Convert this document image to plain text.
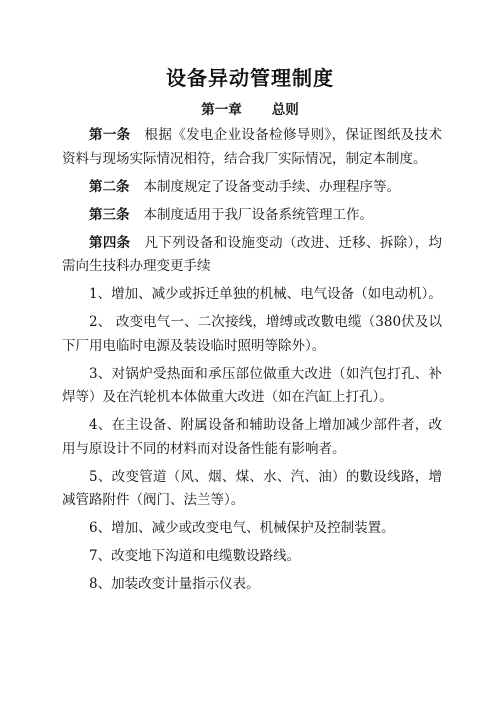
设备异动管理制度
第一章 总则

第一条 根据《发电企业设备检修导则》，保证图纸及技术资料与现场实际情况相符，结合我厂实际情况，制定本制度。

第二条 本制度规定了设备变动手续、办理程序等。

第三条 本制度适用于我厂设备系统管理工作。

第四条 凡下列设备和设施变动（改进、迁移、拆除），均需向生技科办理变更手续

1、增加、减少或拆迁单独的机械、电气设备（如电动机）。

2、 改变电气一、二次接线，增缚或改數电缆（380伏及以下厂用电临时电源及装设临时照明等除外）。

3、对锅炉受热面和承压部位做重大改进（如汽包打孔、补焊等）及在汽轮机本体做重大改进（如在汽缸上打孔）。

4、在主设备、附属设备和辅助设备上增加减少部件者，改用与原设计不同的材料而对设备性能有影响者。

5、改变管道（风、烟、煤、水、汽、油）的數设线路，增减管路附件（阀门、法兰等）。

6、增加、减少或改变电气、机械保护及控制装置。

7、改变地下沟道和电缆數设路线。

8、加装改变计量指示仪表。
